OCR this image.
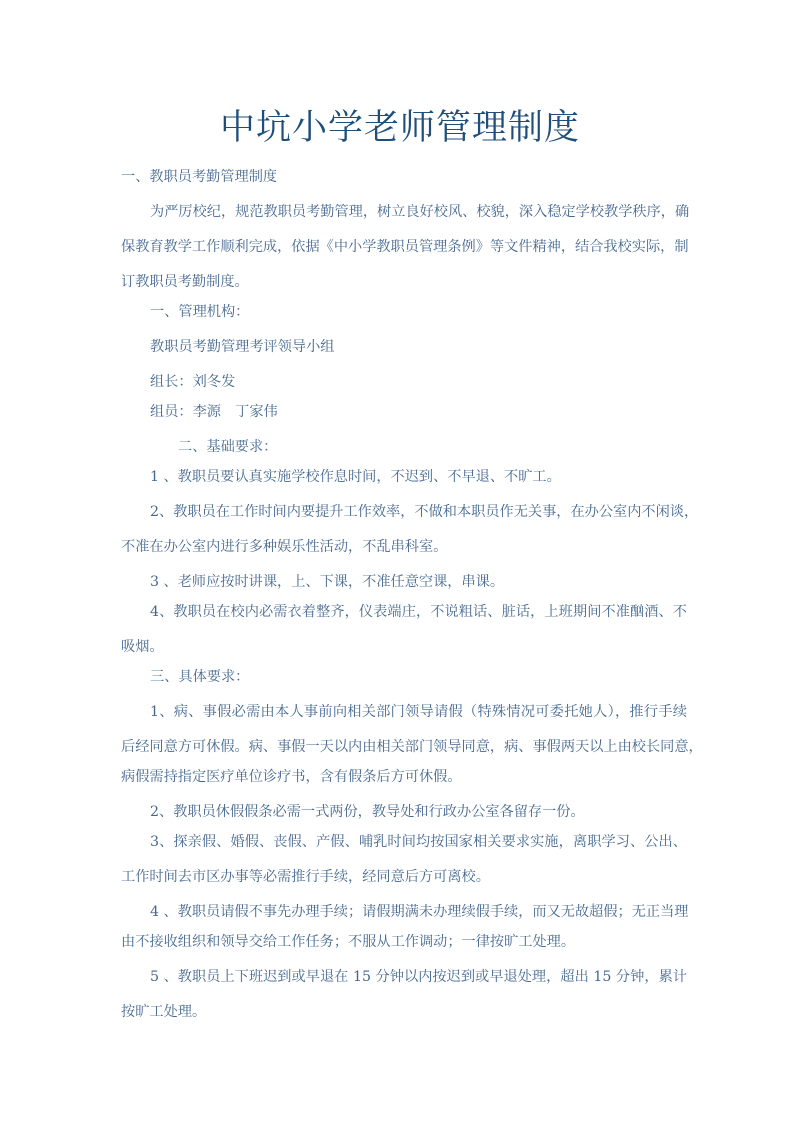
中坑小学老师管理制度
一、教职员考勤管理制度
为严厉校纪，规范教职员考勤管理，树立良好校风、校貌，深入稳定学校教学秩序，确
保教育教学工作顺利完成，依据《中小学教职员管理条例》等文件精神，结合我校实际，制
订教职员考勤制度。
一、管理机构：
教职员考勤管理考评领导小组
组长：刘冬发
组员：李源　丁家伟
二、基础要求：
1 、教职员要认真实施学校作息时间，不迟到、不早退、不旷工。
2、教职员在工作时间内要提升工作效率，不做和本职员作无关事，在办公室内不闲谈，
不准在办公室内进行多种娱乐性活动，不乱串科室。
3 、老师应按时讲课，上、下课，不准任意空课，串课。
4、教职员在校内必需衣着整齐，仪表端庄，不说粗话、脏话，上班期间不准酗酒、不
吸烟。
三、具体要求：
1、病、事假必需由本人事前向相关部门领导请假（特殊情况可委托她人），推行手续
后经同意方可休假。病、事假一天以内由相关部门领导同意，病、事假两天以上由校长同意，
病假需持指定医疗单位诊疗书，含有假条后方可休假。
2、教职员休假假条必需一式两份，教导处和行政办公室各留存一份。
3、探亲假、婚假、丧假、产假、哺乳时间均按国家相关要求实施，离职学习、公出、
工作时间去市区办事等必需推行手续，经同意后方可离校。
4 、教职员请假不事先办理手续；请假期满未办理续假手续，而又无故超假；无正当理
由不接收组织和领导交给工作任务；不服从工作调动；一律按旷工处理。
5 、教职员上下班迟到或早退在 15 分钟以内按迟到或早退处理，超出 15 分钟，累计
按旷工处理。
